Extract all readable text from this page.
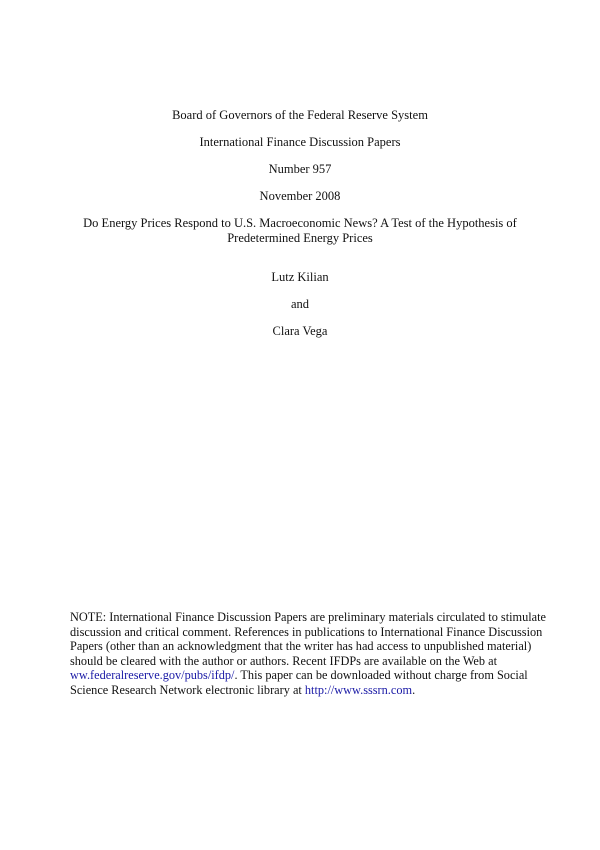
Board of Governors of the Federal Reserve System
International Finance Discussion Papers
Number 957
November 2008
Do Energy Prices Respond to U.S. Macroeconomic News? A Test of the Hypothesis of
Predetermined Energy Prices
Lutz Kilian
and
Clara Vega
NOTE: International Finance Discussion Papers are preliminary materials circulated to stimulate
discussion and critical comment. References in publications to International Finance Discussion
Papers (other than an acknowledgment that the writer has had access to unpublished material)
should be cleared with the author or authors. Recent IFDPs are available on the Web at
ww.federalreserve.gov/pubs/ifdp/. This paper can be downloaded without charge from Social
Science Research Network electronic library at http://www.sssrn.com.
